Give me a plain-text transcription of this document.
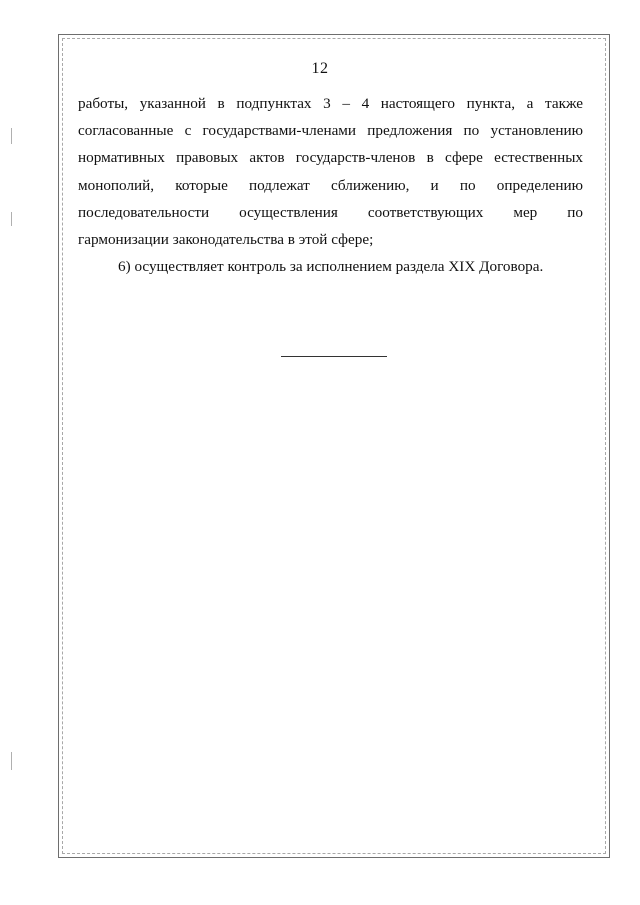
12
работы, указанной в подпунктах 3 – 4 настоящего пункта, а также
согласованные с государствами-членами предложения по установлению
нормативных правовых актов государств-членов в сфере естественных
монополий, которые подлежат сближению, и по определению
последовательности осуществления соответствующих мер по
гармонизации законодательства в этой сфере;
6) осуществляет контроль за исполнением раздела XIX Договора.
